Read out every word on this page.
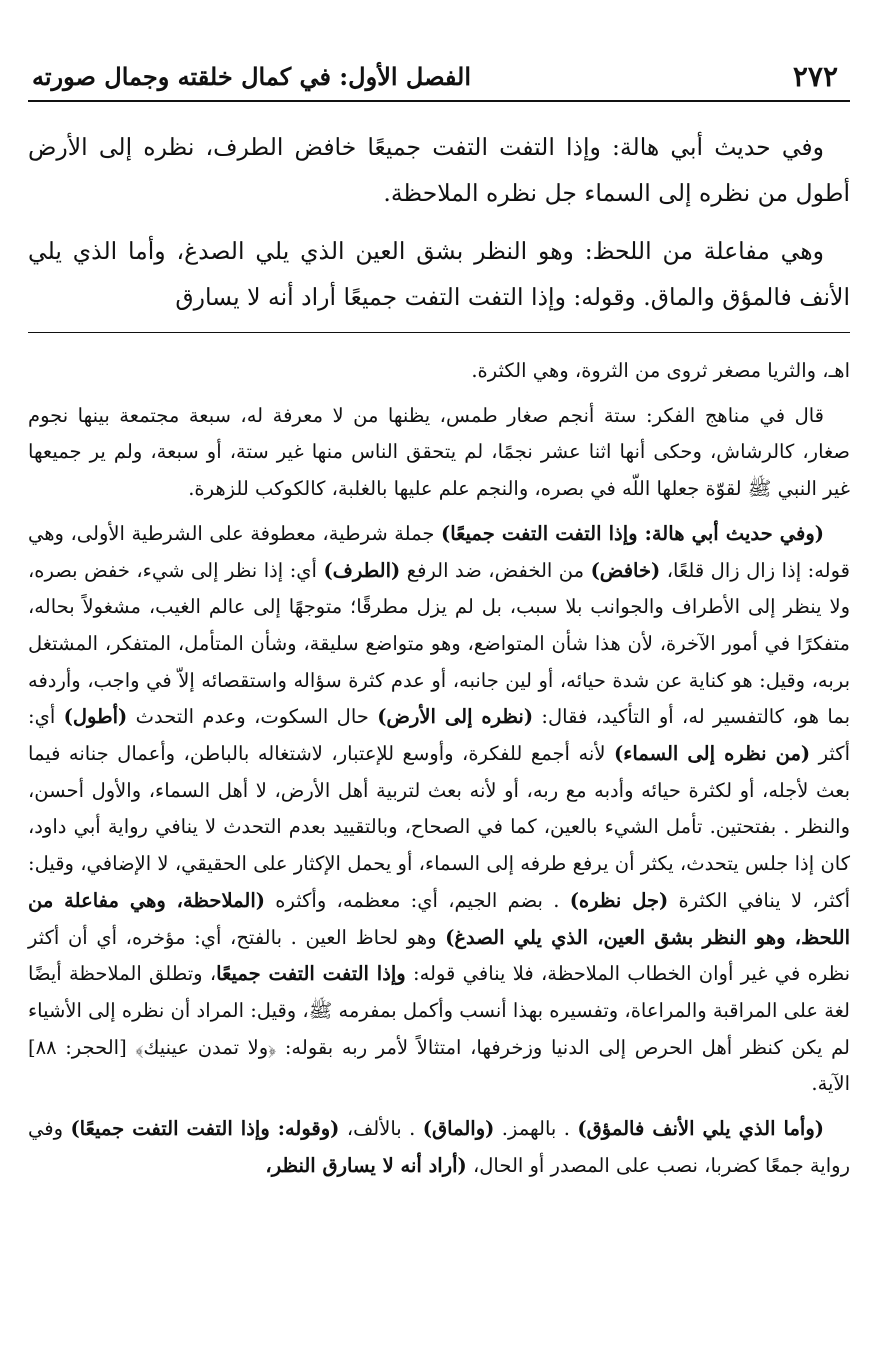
٢٧٢
الفصل الأول: في كمال خلقته وجمال صورته

وفي حديث أبي هالة: وإذا التفت التفت جميعًا خافض الطرف، نظره إلى الأرض أطول من نظره إلى السماء جل نظره الملاحظة.

وهي مفاعلة من اللحظ: وهو النظر بشق العين الذي يلي الصدغ، وأما الذي يلي الأنف فالمؤق والماق. وقوله: وإذا التفت التفت جميعًا أراد أنه لا يسارق

اهـ، والثريا مصغر ثروى من الثروة، وهي الكثرة.

قال في مناهج الفكر: ستة أنجم صغار طمس، يظنها من لا معرفة له، سبعة مجتمعة بينها نجوم صغار، كالرشاش، وحكى أنها اثنا عشر نجمًا، لم يتحقق الناس منها غير ستة، أو سبعة، ولم ير جميعها غير النبي ﷺ لقوّة جعلها اللّه في بصره، والنجم علم عليها بالغلبة، كالكوكب للزهرة.

(وفي حديث أبي هالة: وإذا التفت التفت جميعًا) جملة شرطية، معطوفة على الشرطية الأولى، وهي قوله: إذا زال زال قلعًا، (خافض) من الخفض، ضد الرفع (الطرف) أي: إذا نظر إلى شيء، خفض بصره، ولا ينظر إلى الأطراف والجوانب بلا سبب، بل لم يزل مطرقًا؛ متوجهًا إلى عالم الغيب، مشغولاً بحاله، متفكرًا في أمور الآخرة، لأن هذا شأن المتواضع، وهو متواضع سليقة، وشأن المتأمل، المتفكر، المشتغل بربه، وقيل: هو كناية عن شدة حيائه، أو لين جانبه، أو عدم كثرة سؤاله واستقصائه إلاّ في واجب، وأردفه بما هو، كالتفسير له، أو التأكيد، فقال: (نظره إلى الأرض) حال السكوت، وعدم التحدث (أطول) أي: أكثر (من نظره إلى السماء) لأنه أجمع للفكرة، وأوسع للإعتبار، لاشتغاله بالباطن، وأعمال جنانه فيما بعث لأجله، أو لكثرة حيائه وأدبه مع ربه، أو لأنه بعث لتربية أهل الأرض، لا أهل السماء، والأول أحسن، والنظر . بفتحتين. تأمل الشيء بالعين، كما في الصحاح، وبالتقييد بعدم التحدث لا ينافي رواية أبي داود، كان إذا جلس يتحدث، يكثر أن يرفع طرفه إلى السماء، أو يحمل الإكثار على الحقيقي، لا الإضافي، وقيل: أكثر، لا ينافي الكثرة (جل نظره) . بضم الجيم، أي: معظمه، وأكثره (الملاحظة، وهي مفاعلة من اللحظ، وهو النظر بشق العين، الذي يلي الصدغ) وهو لحاظ العين . بالفتح، أي: مؤخره، أي أن أكثر نظره في غير أوان الخطاب الملاحظة، فلا ينافي قوله: وإذا التفت التفت جميعًا، وتطلق الملاحظة أيضًا لغة على المراقبة والمراعاة، وتفسيره بهذا أنسب وأكمل بمفرمه ﷺ، وقيل: المراد أن نظره إلى الأشياء لم يكن كنظر أهل الحرص إلى الدنيا وزخرفها، امتثالاً لأمر ربه بقوله: ﴿ولا تمدن عينيك﴾ [الحجر: ٨٨] الآية.

(وأما الذي يلي الأنف فالمؤق) . بالهمز. (والماق) . بالألف، (وقوله: وإذا التفت التفت جميعًا) وفي رواية جمعًا كضربا، نصب على المصدر أو الحال، (أراد أنه لا يسارق النظر،
